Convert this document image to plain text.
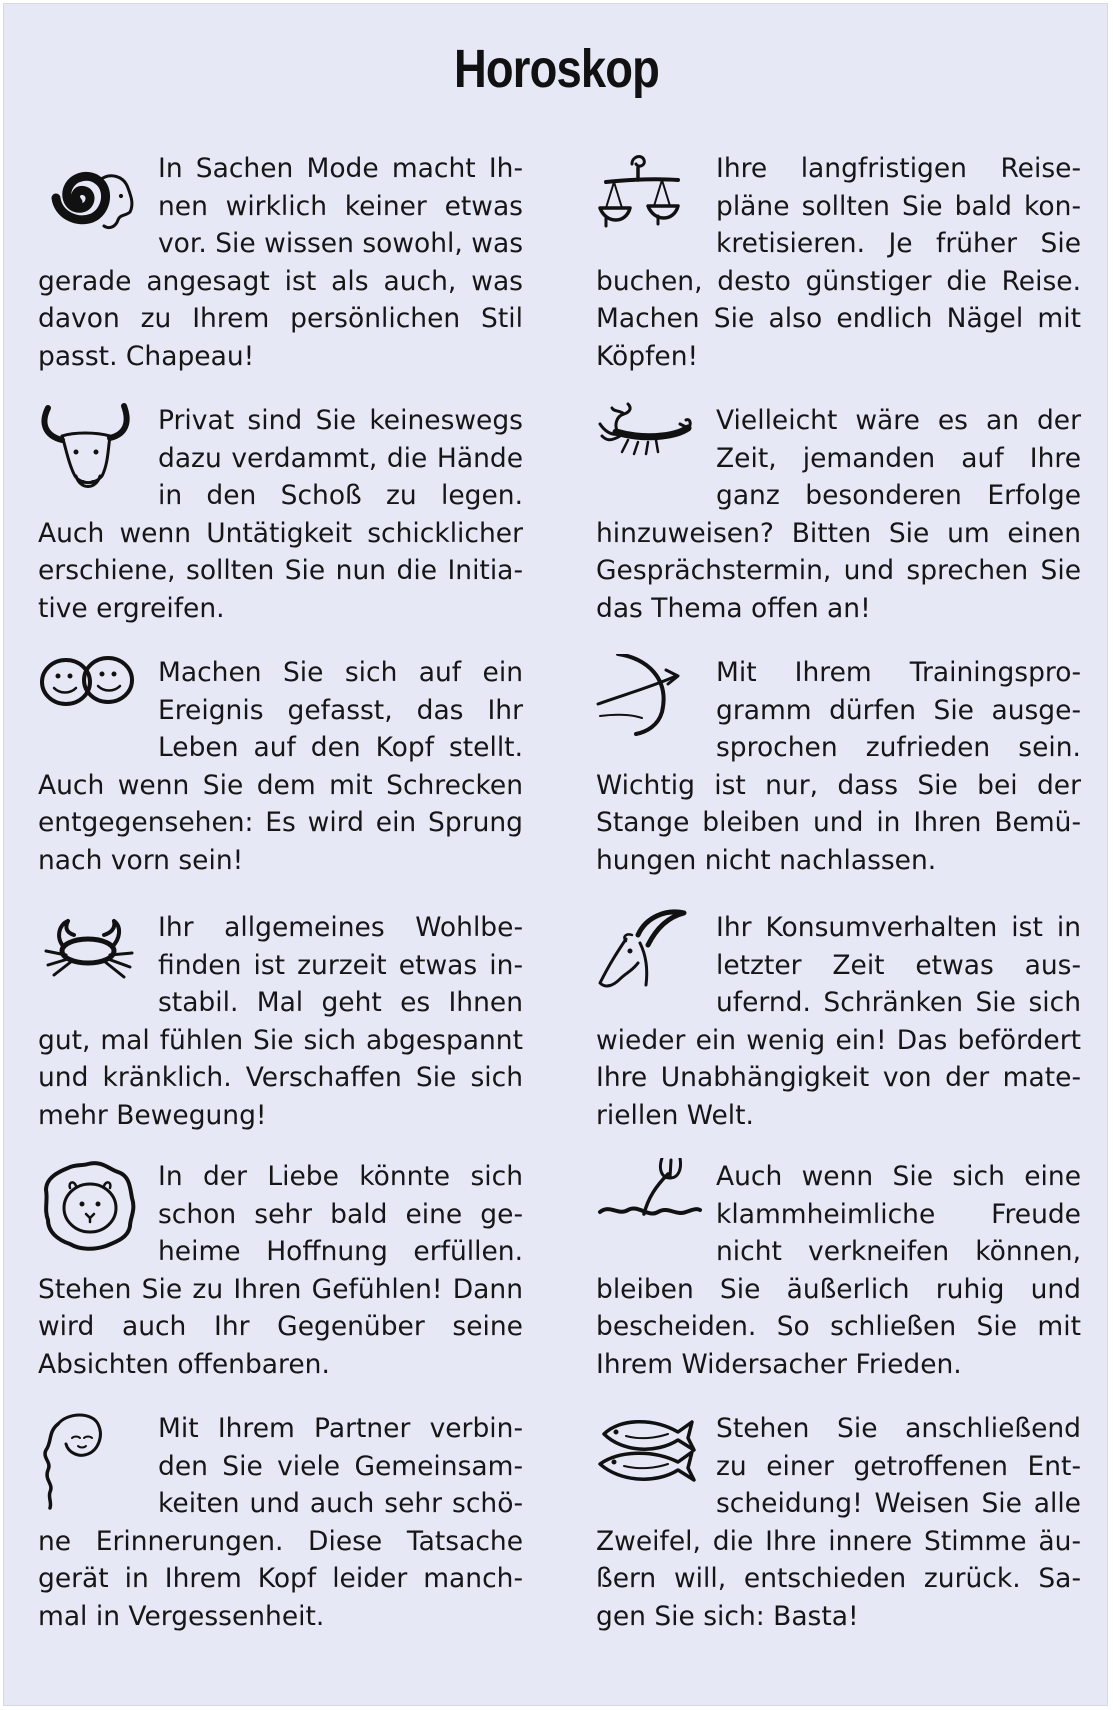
Horoskop

In Sachen Mode macht Ihnen wirklich keiner etwas vor. Sie wissen sowohl, was gerade angesagt ist als auch, was davon zu Ihrem persönlichen Stil passt. Chapeau!

Privat sind Sie keineswegs dazu verdammt, die Hände in den Schoß zu legen. Auch wenn Untätigkeit schicklicher erschiene, sollten Sie nun die Initiative ergreifen.

Machen Sie sich auf ein Ereignis gefasst, das Ihr Leben auf den Kopf stellt. Auch wenn Sie dem mit Schrecken entgegensehen: Es wird ein Sprung nach vorn sein!

Ihr allgemeines Wohlbefinden ist zurzeit etwas instabil. Mal geht es Ihnen gut, mal fühlen Sie sich abgespannt und kränklich. Verschaffen Sie sich mehr Bewegung!

In der Liebe könnte sich schon sehr bald eine geheime Hoffnung erfüllen. Stehen Sie zu Ihren Gefühlen! Dann wird auch Ihr Gegenüber seine Absichten offenbaren.

Mit Ihrem Partner verbinden Sie viele Gemeinsamkeiten und auch sehr schöne Erinnerungen. Diese Tatsache gerät in Ihrem Kopf leider manchmal in Vergessenheit.

Ihre langfristigen Reisepläne sollten Sie bald konkretisieren. Je früher Sie buchen, desto günstiger die Reise. Machen Sie also endlich Nägel mit Köpfen!

Vielleicht wäre es an der Zeit, jemanden auf Ihre ganz besonderen Erfolge hinzuweisen? Bitten Sie um einen Gesprächstermin, und sprechen Sie das Thema offen an!

Mit Ihrem Trainingsprogramm dürfen Sie ausgesprochen zufrieden sein. Wichtig ist nur, dass Sie bei der Stange bleiben und in Ihren Bemühungen nicht nachlassen.

Ihr Konsumverhalten ist in letzter Zeit etwas ausufernd. Schränken Sie sich wieder ein wenig ein! Das befördert Ihre Unabhängigkeit von der materiellen Welt.

Auch wenn Sie sich eine klammheimliche Freude nicht verkneifen können, bleiben Sie äußerlich ruhig und bescheiden. So schließen Sie mit Ihrem Widersacher Frieden.

Stehen Sie anschließend zu einer getroffenen Entscheidung! Weisen Sie alle Zweifel, die Ihre innere Stimme äußern will, entschieden zurück. Sagen Sie sich: Basta!
